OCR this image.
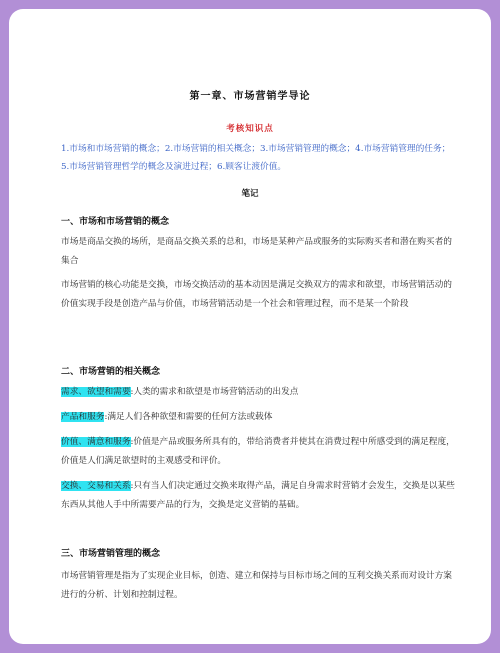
第一章、市场营销学导论
考核知识点
1.市场和市场营销的概念；2.市场营销的相关概念；3.市场营销管理的概念；4.市场营销管理的任务；5.市场营销管理哲学的概念及演进过程；6.顾客让渡价值。
笔记
一、市场和市场营销的概念
市场是商品交换的场所，是商品交换关系的总和，市场是某种产品或服务的实际购买者和潜在购买者的集合
市场营销的核心功能是交换，市场交换活动的基本动因是满足交换双方的需求和欲望，市场营销活动的价值实现手段是创造产品与价值，市场营销活动是一个社会和管理过程，而不是某一个阶段
二、市场营销的相关概念
需求、欲望和需要:人类的需求和欲望是市场营销活动的出发点
产品和服务:满足人们各种欲望和需要的任何方法或载体
价值、满意和服务:价值是产品或服务所具有的，带给消费者并使其在消费过程中所感受到的满足程度，价值是人们满足欲望时的主观感受和评价。
交换、交易和关系:只有当人们决定通过交换来取得产品，满足自身需求时营销才会发生，交换是以某些东西从其他人手中所需要产品的行为，交换是定义营销的基础。
三、市场营销管理的概念
市场营销管理是指为了实现企业目标，创造、建立和保持与目标市场之间的互利交换关系而对设计方案进行的分析、计划和控制过程。
